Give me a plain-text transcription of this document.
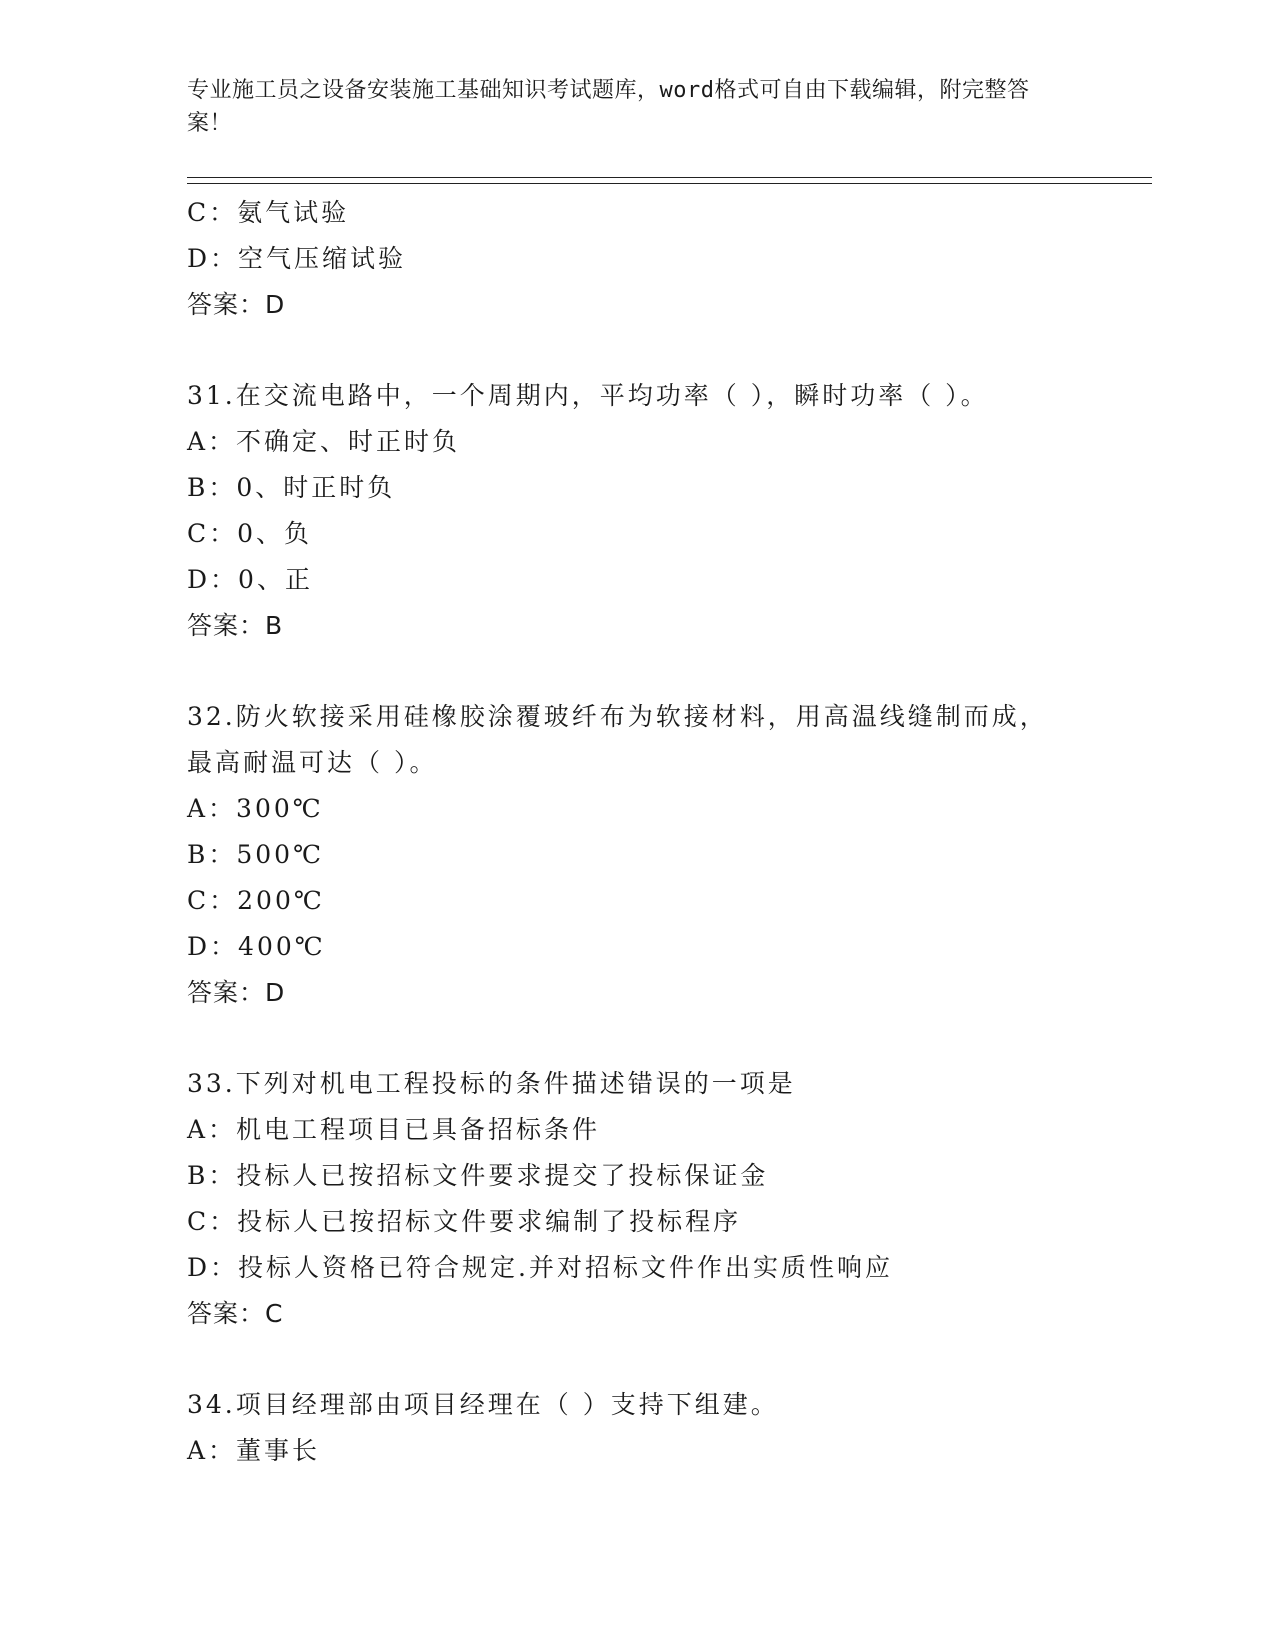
专业施工员之设备安装施工基础知识考试题库，word格式可自由下载编辑，附完整答案！

C：氨气试验
D：空气压缩试验
答案：D
31.在交流电路中，一个周期内，平均功率（ ），瞬时功率（ ）。
A：不确定、时正时负
B：0、时正时负
C：0、负
D：0、正
答案：B
32.防火软接采用硅橡胶涂覆玻纤布为软接材料，用高温线缝制而成，
最高耐温可达（ ）。
A：300℃
B：500℃
C：200℃
D：400℃
答案：D
33.下列对机电工程投标的条件描述错误的一项是
A：机电工程项目已具备招标条件
B：投标人已按招标文件要求提交了投标保证金
C：投标人已按招标文件要求编制了投标程序
D：投标人资格已符合规定.并对招标文件作出实质性响应
答案：C
34.项目经理部由项目经理在（ ）支持下组建。
A：董事长
